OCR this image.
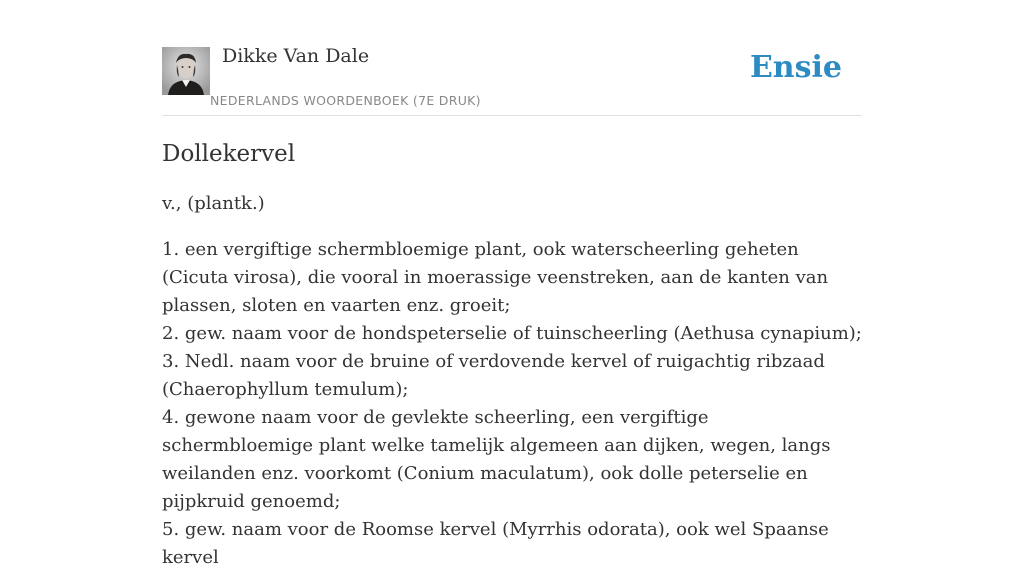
Dikke Van Dale
NEDERLANDS WOORDENBOEK (7E DRUK)
Ensie
Dollekervel

v., (plantk.)

1. een vergiftige schermbloemige plant, ook waterscheerling geheten (Cicuta virosa), die vooral in moerassige veenstreken, aan de kanten van plassen, sloten en vaarten enz. groeit;
2. gew. naam voor de hondspeterselie of tuinscheerling (Aethusa cynapium);
3. Nedl. naam voor de bruine of verdovende kervel of ruigachtig ribzaad (Chaerophyllum temulum);
4. gewone naam voor de gevlekte scheerling, een vergiftige schermbloemige plant welke tamelijk algemeen aan dijken, wegen, langs weilanden enz. voorkomt (Conium maculatum), ook dolle peterselie en pijpkruid genoemd;
5. gew. naam voor de Roomse kervel (Myrrhis odorata), ook wel Spaanse kervel
